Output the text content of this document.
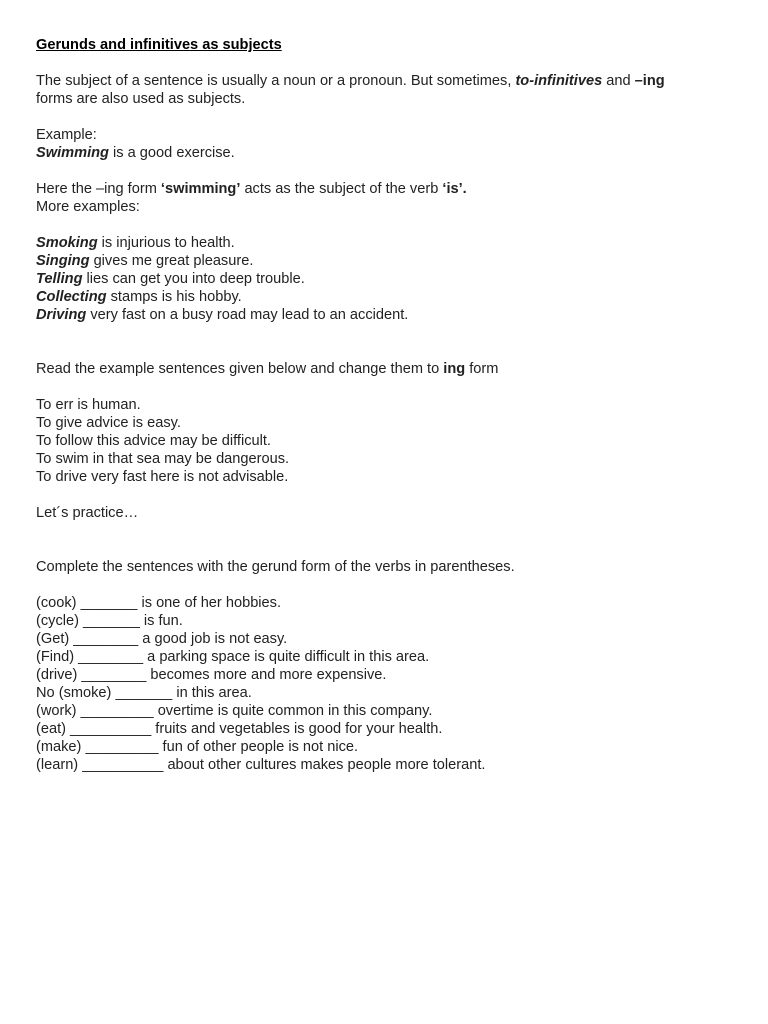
Gerunds and infinitives as subjects

The subject of a sentence is usually a noun or a pronoun. But sometimes, to-infinitives and –ing
forms are also used as subjects.

Example:

Swimming is a good exercise.

Here the –ing form ‘swimming’ acts as the subject of the verb ‘is’.

More examples:

Smoking is injurious to health.

Singing gives me great pleasure.

Telling lies can get you into deep trouble.

Collecting stamps is his hobby.

Driving very fast on a busy road may lead to an accident.

Read the example sentences given below and change them to ing form

To err is human.

To give advice is easy.

To follow this advice may be difficult.

To swim in that sea may be dangerous.

To drive very fast here is not advisable.

Let´s practice…

Complete the sentences with the gerund form of the verbs in parentheses.

(cook) _______ is one of her hobbies.

(cycle) _______ is fun.

(Get) ________ a good job is not easy.

(Find) ________ a parking space is quite difficult in this area.

(drive) ________ becomes more and more expensive.

No (smoke) _______ in this area.

(work) _________ overtime is quite common in this company.

(eat) __________ fruits and vegetables is good for your health.

(make) _________ fun of other people is not nice.

(learn) __________ about other cultures makes people more tolerant.
